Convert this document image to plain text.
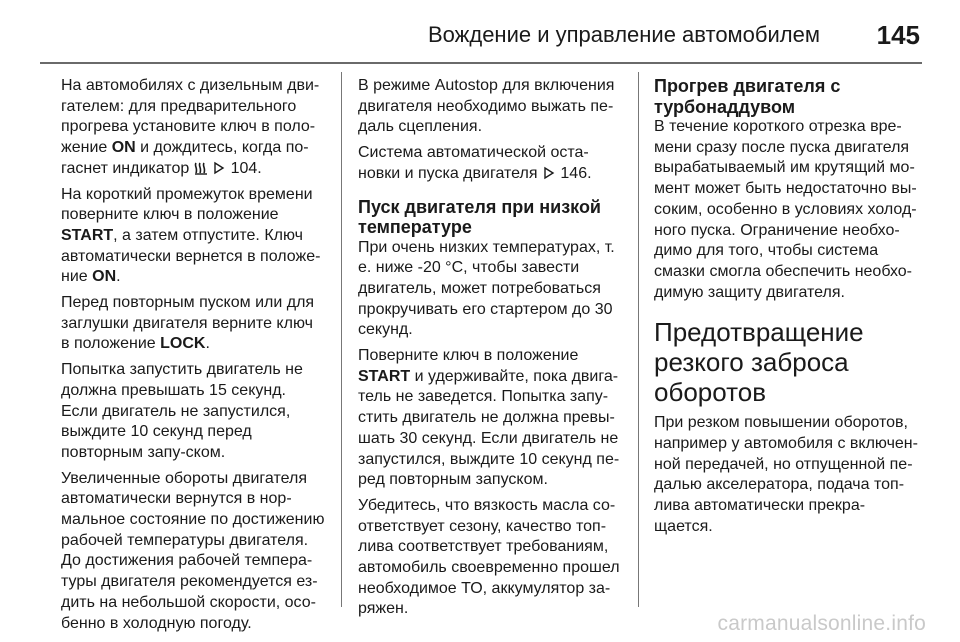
Вождение и управление автомобилем 145

На автомобилях с дизельным дви-гателем: для предварительного прогрева установите ключ в поло-жение ON и дождитесь, когда по-гаснет индикатор   104.

На короткий промежуток времени поверните ключ в положение START, а затем отпустите. Ключ автоматически вернется в положе-ние ON.

Перед повторным пуском или для заглушки двигателя верните ключ в положение LOCK.

Попытка запустить двигатель не должна превышать 15 секунд. Если двигатель не запустился, выждите 10 секунд перед повторным запу-ском.

Увеличенные обороты двигателя автоматически вернутся в нор-мальное состояние по достижению рабочей температуры двигателя. До достижения рабочей темпера-туры двигателя рекомендуется ез-дить на небольшой скорости, осо-бенно в холодную погоду.

В режиме Autostop для включения двигателя необходимо выжать пе-даль сцепления.

Система автоматической оста-новки и пуска двигателя  146.

Пуск двигателя при низкой температуре

При очень низких температурах, т. е. ниже -20 °С, чтобы завести двигатель, может потребоваться прокручивать его стартером до 30 секунд.

Поверните ключ в положение START и удерживайте, пока двига-тель не заведется. Попытка запу-стить двигатель не должна превы-шать 30 секунд. Если двигатель не запустился, выждите 10 секунд пе-ред повторным запуском.

Убедитесь, что вязкость масла со-ответствует сезону, качество топ-лива соответствует требованиям, автомобиль своевременно прошел необходимое ТО, аккумулятор за-ряжен.

Прогрев двигателя с турбонаддувом

В течение короткого отрезка вре-мени сразу после пуска двигателя вырабатываемый им крутящий мо-мент может быть недостаточно вы-соким, особенно в условиях холод-ного пуска. Ограничение необхо-димо для того, чтобы система смазки смогла обеспечить необхо-димую защиту двигателя.

Предотвращение резкого заброса оборотов

При резком повышении оборотов, например у автомобиля с включен-ной передачей, но отпущенной пе-далью акселератора, подача топ-лива автоматически прекра-щается.

carmanualsonline.info
